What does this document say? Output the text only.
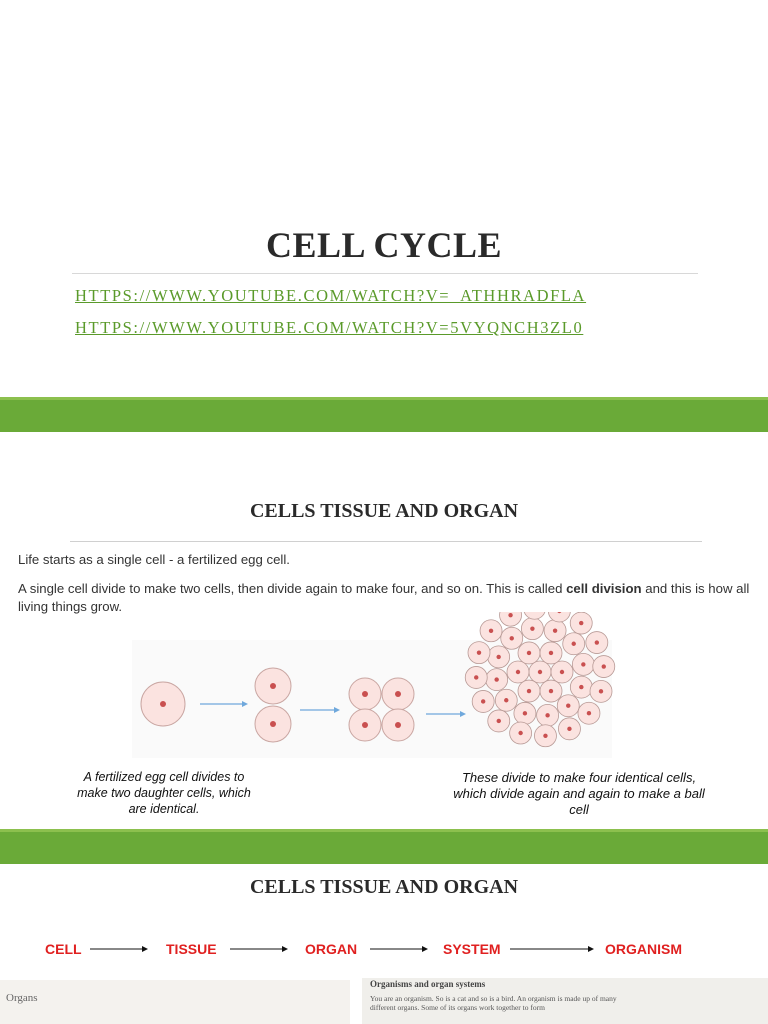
CELL CYCLE
HTTPS://WWW.YOUTUBE.COM/WATCH?V=_ATHHRADFLA
HTTPS://WWW.YOUTUBE.COM/WATCH?V=5VYQNCH3ZL0
CELLS TISSUE AND ORGAN
Life starts as a single cell - a fertilized egg cell.
A single cell divide to make two cells, then divide again to make four, and so on. This is called cell division and this is how all living things grow.
A fertilized egg cell divides to make two daughter cells, which are identical.
These divide to make four identical cells, which divide again and again to make a ball cell
CELLS TISSUE AND ORGAN
CELL	TISSUE	ORGAN	SYSTEM	ORGANISM
Organs
Organisms and organ systems
You are an organism. So is a cat and so is a bird. An organism is made up of many different organs. Some of its organs work together to form
